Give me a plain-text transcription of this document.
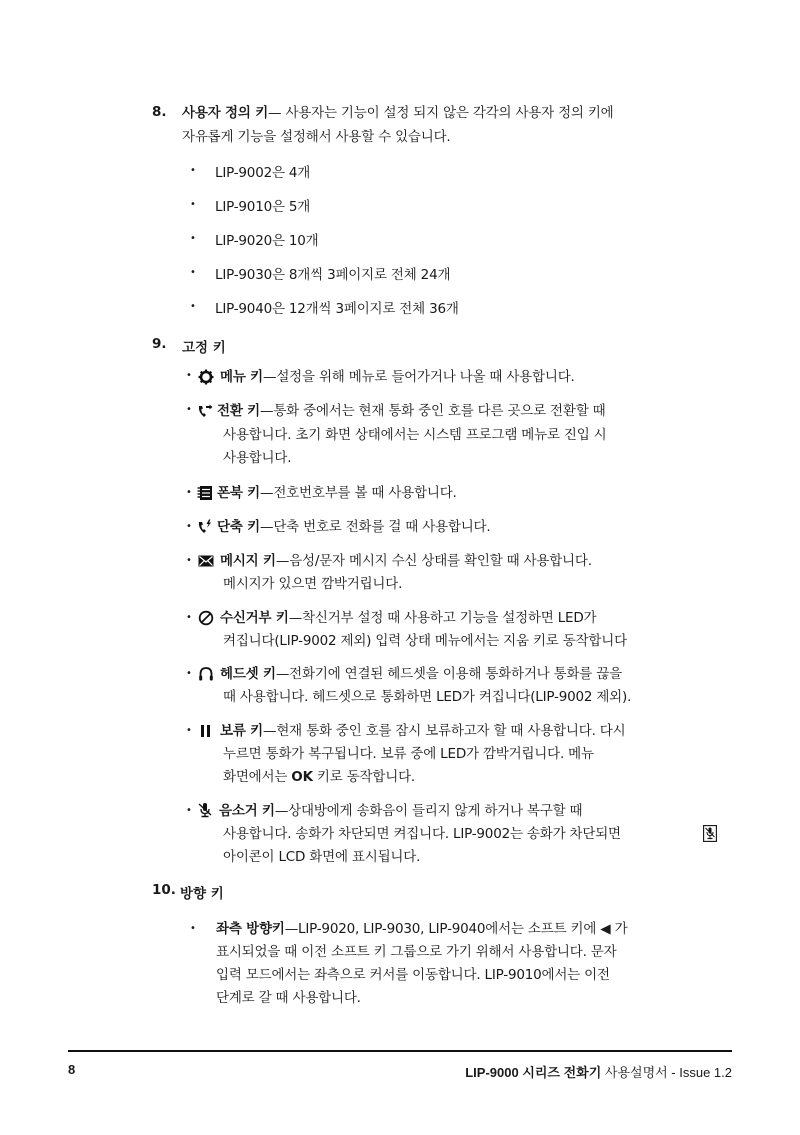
8. 사용자 정의 키— 사용자는 기능이 설정 되지 않은 각각의 사용자 정의 키에
자유롭게 기능을 설정해서 사용할 수 있습니다.
• LIP-9002은 4개
• LIP-9010은 5개
• LIP-9020은 10개
• LIP-9030은 8개씩 3페이지로 전체 24개
• LIP-9040은 12개씩 3페이지로 전체 36개
9. 고정 키
• 메뉴 키—설정을 위해 메뉴로 들어가거나 나올 때 사용합니다.
• 전환 키—통화 중에서는 현재 통화 중인 호를 다른 곳으로 전환할 때
사용합니다. 초기 화면 상태에서는 시스템 프로그램 메뉴로 진입 시
사용합니다.
• 폰북 키—전호번호부를 볼 때 사용합니다.
• 단축 키—단축 번호로 전화를 걸 때 사용합니다.
• 메시지 키—음성/문자 메시지 수신 상태를 확인할 때 사용합니다.
메시지가 있으면 깜박거립니다.
• 수신거부 키—착신거부 설정 때 사용하고 기능을 설정하면 LED가
켜집니다(LIP-9002 제외) 입력 상태 메뉴에서는 지움 키로 동작합니다
• 헤드셋 키—전화기에 연결된 헤드셋을 이용해 통화하거나 통화를 끊을
때 사용합니다. 헤드셋으로 통화하면 LED가 켜집니다(LIP-9002 제외).
• 보류 키—현재 통화 중인 호를 잠시 보류하고자 할 때 사용합니다. 다시
누르면 통화가 복구됩니다. 보류 중에 LED가 깜박거립니다. 메뉴
화면에서는 OK 키로 동작합니다.
• 음소거 키—상대방에게 송화음이 들리지 않게 하거나 복구할 때
사용합니다. 송화가 차단되면 켜집니다. LIP-9002는 송화가 차단되면
아이콘이 LCD 화면에 표시됩니다.
10. 방향 키
• 좌측 방향키—LIP-9020, LIP-9030, LIP-9040에서는 소프트 키에 ◀ 가
표시되었을 때 이전 소프트 키 그룹으로 가기 위해서 사용합니다. 문자
입력 모드에서는 좌측으로 커서를 이동합니다. LIP-9010에서는 이전
단계로 갈 때 사용합니다.
8	LIP-9000 시리즈 전화기 사용설명서 - Issue 1.2
